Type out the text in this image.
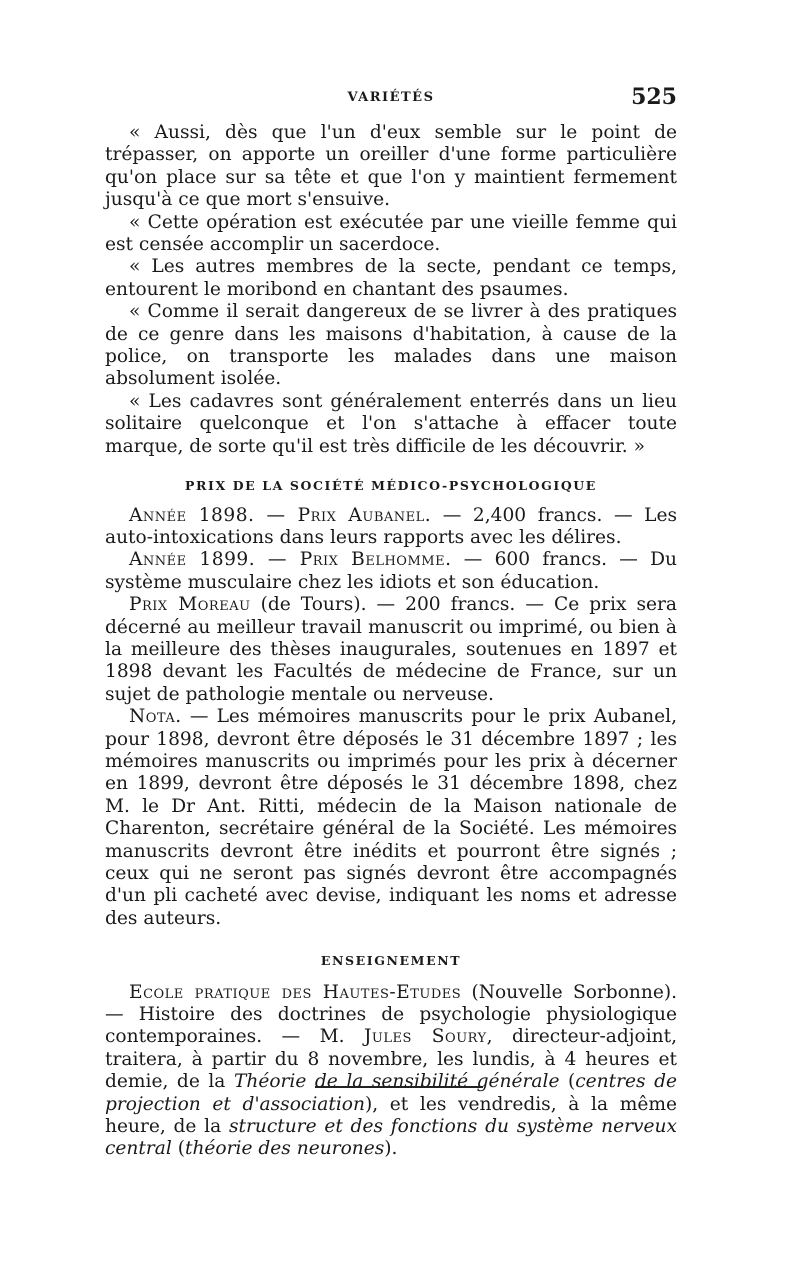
VARIÉTÉS	525

« Aussi, dès que l'un d'eux semble sur le point de trépasser, on apporte un oreiller d'une forme particulière qu'on place sur sa tête et que l'on y maintient fermement jusqu'à ce que mort s'ensuive.

« Cette opération est exécutée par une vieille femme qui est censée accomplir un sacerdoce.

« Les autres membres de la secte, pendant ce temps, entourent le moribond en chantant des psaumes.

« Comme il serait dangereux de se livrer à des pratiques de ce genre dans les maisons d'habitation, à cause de la police, on transporte les malades dans une maison absolument isolée.

« Les cadavres sont généralement enterrés dans un lieu solitaire quelconque et l'on s'attache à effacer toute marque, de sorte qu'il est très difficile de les découvrir. »

PRIX DE LA SOCIÉTÉ MÉDICO-PSYCHOLOGIQUE

Année 1898. — Prix Aubanel. — 2,400 francs. — Les auto-intoxications dans leurs rapports avec les délires.

Année 1899. — Prix Belhomme. — 600 francs. — Du système musculaire chez les idiots et son éducation.

Prix Moreau (de Tours). — 200 francs. — Ce prix sera décerné au meilleur travail manuscrit ou imprimé, ou bien à la meilleure des thèses inaugurales, soutenues en 1897 et 1898 devant les Facultés de médecine de France, sur un sujet de pathologie mentale ou nerveuse.

Nota. — Les mémoires manuscrits pour le prix Aubanel, pour 1898, devront être déposés le 31 décembre 1897 ; les mémoires manuscrits ou imprimés pour les prix à décerner en 1899, devront être déposés le 31 décembre 1898, chez M. le Dr Ant. Ritti, médecin de la Maison nationale de Charenton, secrétaire général de la Société. Les mémoires manuscrits devront être inédits et pourront être signés ; ceux qui ne seront pas signés devront être accompagnés d'un pli cacheté avec devise, indiquant les noms et adresse des auteurs.

ENSEIGNEMENT

Ecole pratique des Hautes-Etudes (Nouvelle Sorbonne). — Histoire des doctrines de psychologie physiologique contemporaines. — M. Jules Soury, directeur-adjoint, traitera, à partir du 8 novembre, les lundis, à 4 heures et demie, de la Théorie de la sensibilité générale (centres de projection et d'association), et les vendredis, à la même heure, de la structure et des fonctions du système nerveux central (théorie des neurones).
